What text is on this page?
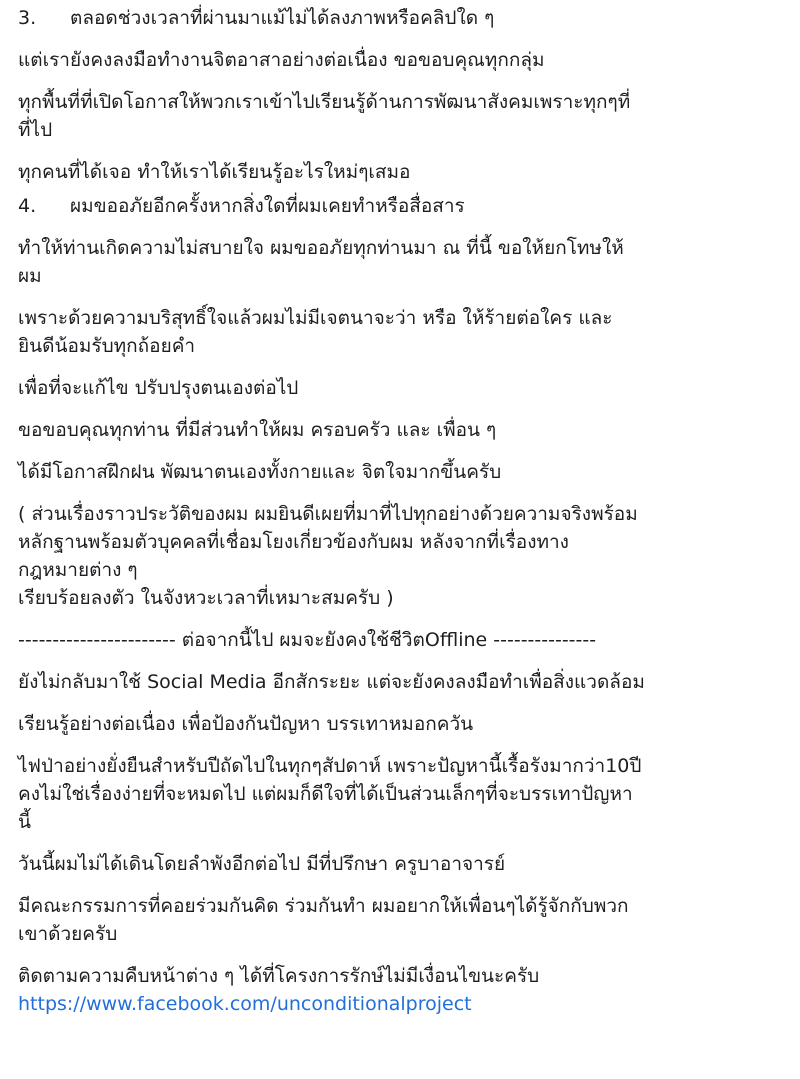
3. ตลอดช่วงเวลาที่ผ่านมาแม้ไม่ได้ลงภาพหรือคลิปใด ๆ
แต่เรายังคงลงมือทำงานจิตอาสาอย่างต่อเนื่อง ขอขอบคุณทุกกลุ่ม
ทุกพื้นที่ที่เปิดโอกาสให้พวกเราเข้าไปเรียนรู้ด้านการพัฒนาสังคมเพราะทุกๆที่
ที่ไป
ทุกคนที่ได้เจอ ทำให้เราได้เรียนรู้อะไรใหม่ๆเสมอ
4. ผมขออภัยอีกครั้งหากสิ่งใดที่ผมเคยทำหรือสื่อสาร
ทำให้ท่านเกิดความไม่สบายใจ ผมขออภัยทุกท่านมา ณ ที่นี้ ขอให้ยกโทษให้
ผม
เพราะด้วยความบริสุทธิ์ใจแล้วผมไม่มีเจตนาจะว่า หรือ ให้ร้ายต่อใคร และ
ยินดีน้อมรับทุกถ้อยคำ
เพื่อที่จะแก้ไข ปรับปรุงตนเองต่อไป
ขอขอบคุณทุกท่าน ที่มีส่วนทำให้ผม ครอบครัว และ เพื่อน ๆ
ได้มีโอกาสฝึกฝน พัฒนาตนเองทั้งกายและ จิตใจมากขึ้นครับ
( ส่วนเรื่องราวประวัติของผม ผมยินดีเผยที่มาที่ไปทุกอย่างด้วยความจริงพร้อม
หลักฐานพร้อมตัวบุคคลที่เชื่อมโยงเกี่ยวข้องกับผม หลังจากที่เรื่องทาง
กฎหมายต่าง ๆ
เรียบร้อยลงตัว ในจังหวะเวลาที่เหมาะสมครับ )
----------------------- ต่อจากนี้ไป ผมจะยังคงใช้ชีวิตOffline ---------------
ยังไม่กลับมาใช้ Social Media อีกสักระยะ แต่จะยังคงลงมือทำเพื่อสิ่งแวดล้อม
เรียนรู้อย่างต่อเนื่อง เพื่อป้องกันปัญหา บรรเทาหมอกควัน
ไฟป่าอย่างยั่งยืนสำหรับปีถัดไปในทุกๆสัปดาห์ เพราะปัญหานี้เรื้อรังมากว่า10ปี
คงไม่ใช่เรื่องง่ายที่จะหมดไป แต่ผมก็ดีใจที่ได้เป็นส่วนเล็กๆที่จะบรรเทาปัญหา
นี้
วันนี้ผมไม่ได้เดินโดยลำพังอีกต่อไป มีที่ปรึกษา ครูบาอาจารย์
มีคณะกรรมการที่คอยร่วมกันคิด ร่วมกันทำ ผมอยากให้เพื่อนๆได้รู้จักกับพวก
เขาด้วยครับ
ติดตามความคืบหน้าต่าง ๆ ได้ที่โครงการรักษ์ไม่มีเงื่อนไขนะครับ
https://www.facebook.com/unconditionalproject
